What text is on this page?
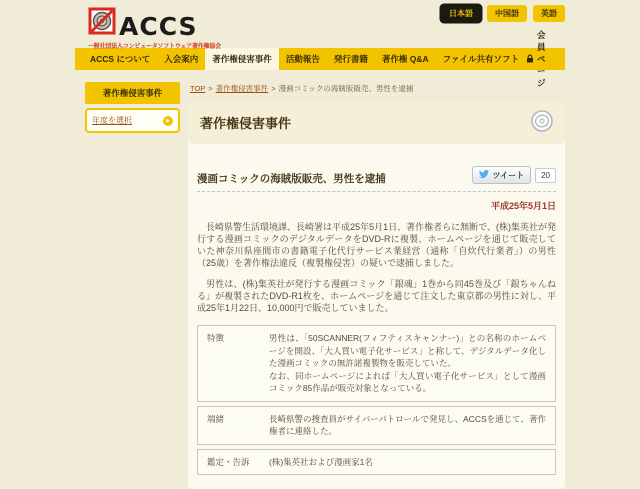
ACCS
一般社団法人コンピュータソフトウェア著作権協会
日本語	中国語	英語
ACCS について	入会案内	著作権侵害事件	活動報告	発行書籍	著作権 Q&A	ファイル共有ソフト
会員ページ
著作権侵害事件
年度を選択	▶
TOP > 著作権侵害事件 > 漫画コミックの海賊版販売、男性を逮捕
著作権侵害事件
漫画コミックの海賊版販売、男性を逮捕	ツイート	20
平成25年5月1日

　長崎県警生活環境課、長崎署は平成25年5月1日、著作権者らに無断で、(株)集英社が発行する漫画コミックのデジタルデータをDVD-Rに複製、ホームページを通じて販売していた神奈川県座間市の書籍電子化代行サービス業経営（通称「自炊代行業者」）の男性（25歳）を著作権法違反（複製権侵害）の疑いで逮捕しました。

　男性は、(株)集英社が発行する漫画コミック「銀魂」1巻から同45巻及び「銀ちゃんねる」が複製されたDVD-R1枚を、ホームページを通じて注文した東京都の男性に対し、平成25年1月22日、10,000円で販売していました。

特徴	男性は、「50SCANNER(フィフティスキャンナー)」との名称のホームページを開設、「大人買い電子化サービス」と称して、デジタルデータ化した漫画コミックの無許諾複製物を販売していた。
なお、同ホームページによれば「大人買い電子化サービス」として漫画コミック85作品が販売対象となっている。
端緒	長崎県警の捜査員がサイバーパトロールで発見し、ACCSを通じて、著作権者に連絡した。
鑑定・告訴	(株)集英社および漫画家1名
